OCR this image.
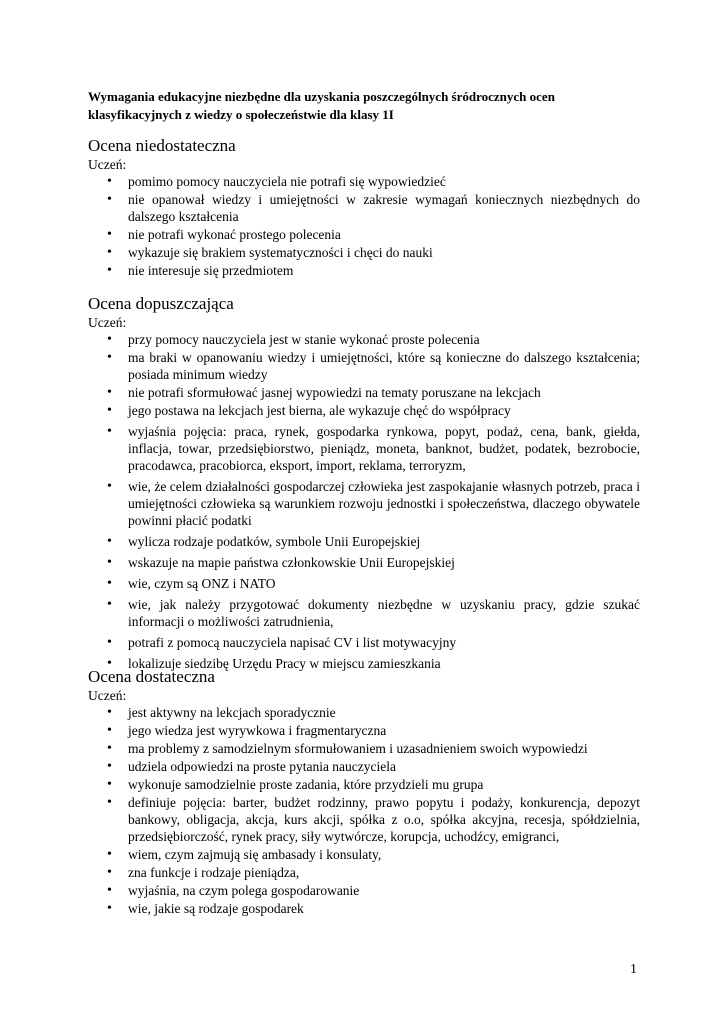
Wymagania edukacyjne niezbędne dla uzyskania poszczególnych śródrocznych ocen klasyfikacyjnych z wiedzy o społeczeństwie dla klasy 1I
Ocena niedostateczna
Uczeń:
• pomimo pomocy nauczyciela nie potrafi się wypowiedzieć
• nie opanował wiedzy i umiejętności w zakresie wymagań koniecznych niezbędnych do dalszego kształcenia
• nie potrafi wykonać prostego polecenia
• wykazuje się brakiem systematyczności i chęci do nauki
• nie interesuje się przedmiotem
Ocena dopuszczająca
Uczeń:
• przy pomocy nauczyciela jest w stanie wykonać proste polecenia
• ma braki w opanowaniu wiedzy i umiejętności, które są konieczne do dalszego kształcenia; posiada minimum wiedzy
• nie potrafi sformułować jasnej wypowiedzi na tematy poruszane na lekcjach
• jego postawa na lekcjach jest bierna, ale wykazuje chęć do współpracy
• wyjaśnia pojęcia: praca, rynek, gospodarka rynkowa, popyt, podaż, cena, bank, giełda, inflacja, towar, przedsiębiorstwo, pieniądz, moneta, banknot, budżet, podatek, bezrobocie, pracodawca, pracobiorca, eksport, import, reklama, terroryzm,
• wie, że celem działalności gospodarczej człowieka jest zaspokajanie własnych potrzeb, praca i umiejętności człowieka są warunkiem rozwoju jednostki i społeczeństwa, dlaczego obywatele powinni płacić podatki
• wylicza rodzaje podatków, symbole Unii Europejskiej
• wskazuje na mapie państwa członkowskie Unii Europejskiej
• wie, czym są ONZ i NATO
• wie, jak należy przygotować dokumenty niezbędne w uzyskaniu pracy, gdzie szukać informacji o możliwości zatrudnienia,
• potrafi z pomocą nauczyciela napisać CV i list motywacyjny
• lokalizuje siedzibę Urzędu Pracy w miejscu zamieszkania
Ocena dostateczna
Uczeń:
• jest aktywny na lekcjach sporadycznie
• jego wiedza jest wyrywkowa i fragmentaryczna
• ma problemy z samodzielnym sformułowaniem i uzasadnieniem swoich wypowiedzi
• udziela odpowiedzi na proste pytania nauczyciela
• wykonuje samodzielnie proste zadania, które przydzieli mu grupa
• definiuje pojęcia: barter, budżet rodzinny, prawo popytu i podaży, konkurencja, depozyt bankowy, obligacja, akcja, kurs akcji, spółka z o.o, spółka akcyjna, recesja, spółdzielnia, przedsiębiorczość, rynek pracy, siły wytwórcze, korupcja, uchodźcy, emigranci,
• wiem, czym zajmują się ambasady i konsulaty,
• zna funkcje i rodzaje pieniądza,
• wyjaśnia, na czym polega gospodarowanie
• wie, jakie są rodzaje gospodarek
1
